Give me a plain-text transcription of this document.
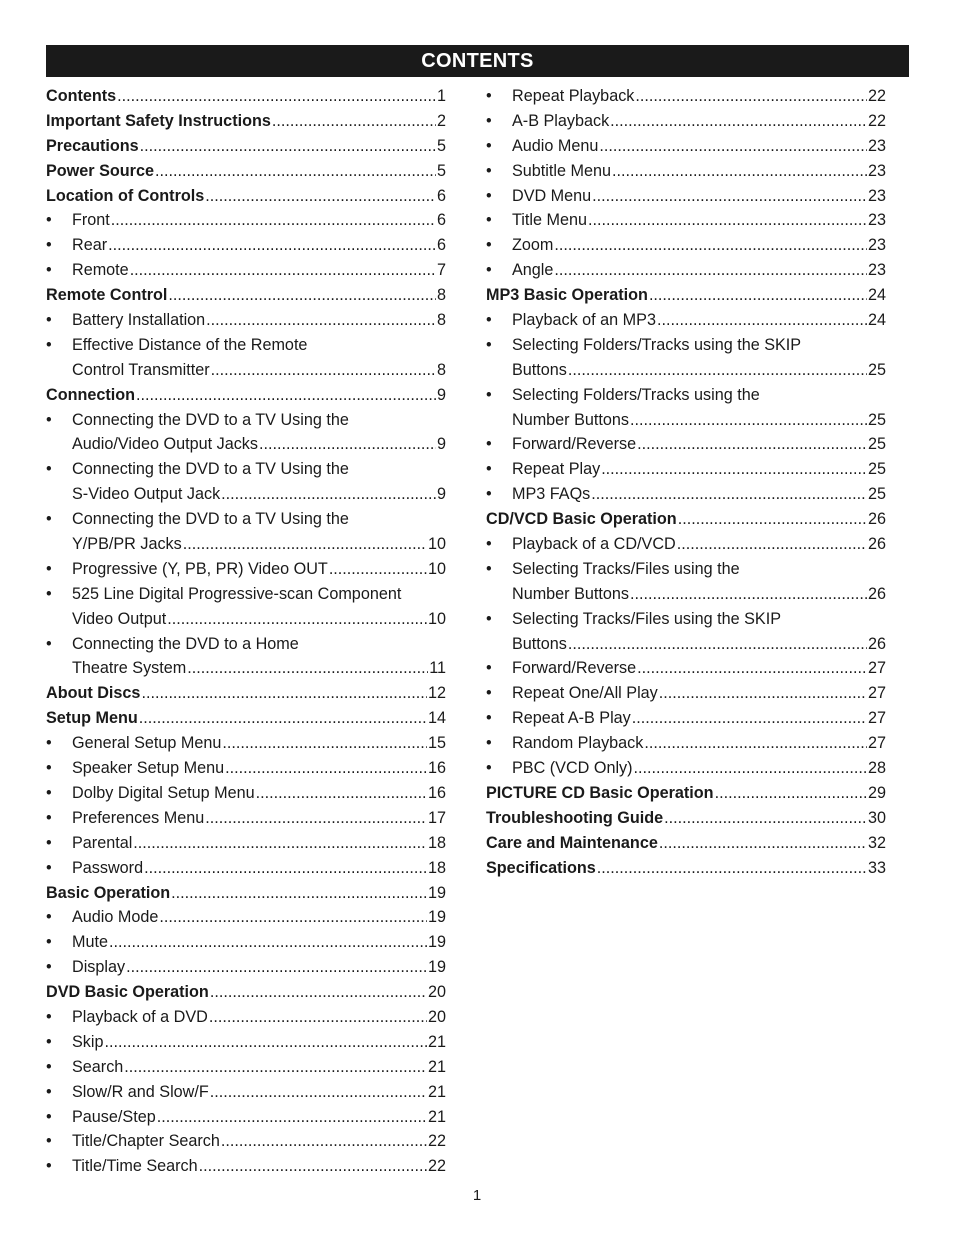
CONTENTS
Contents .....	1
Important Safety Instructions .....	2
Precautions .....	5
Power Source .....	5
Location of Controls .....	6
• Front .....	6
• Rear .....	6
• Remote .....	7
Remote Control .....	8
• Battery Installation .....	8
• Effective Distance of the Remote
Control Transmitter .....	8
Connection .....	9
• Connecting the DVD to a TV Using the
Audio/Video Output Jacks .....	9
• Connecting the DVD to a TV Using the
S-Video Output Jack .....	9
• Connecting the DVD to a TV Using the
Y/PB/PR Jacks .....	10
• Progressive (Y, PB, PR) Video OUT .....	10
• 525 Line Digital Progressive-scan Component
Video Output .....	10
• Connecting the DVD to a Home
Theatre System .....	11
About Discs .....	12
Setup Menu .....	14
• General Setup Menu .....	15
• Speaker Setup Menu .....	16
• Dolby Digital Setup Menu .....	16
• Preferences Menu .....	17
• Parental .....	18
• Password .....	18
Basic Operation .....	19
• Audio Mode .....	19
• Mute .....	19
• Display .....	19
DVD Basic Operation .....	20
• Playback of a DVD .....	20
• Skip .....	21
• Search .....	21
• Slow/R and Slow/F .....	21
• Pause/Step .....	21
• Title/Chapter Search .....	22
• Title/Time Search .....	22
• Repeat Playback .....	22
• A-B Playback .....	22
• Audio Menu .....	23
• Subtitle Menu .....	23
• DVD Menu .....	23
• Title Menu .....	23
• Zoom .....	23
• Angle .....	23
MP3 Basic Operation .....	24
• Playback of an MP3 .....	24
• Selecting Folders/Tracks using the SKIP
Buttons .....	25
• Selecting Folders/Tracks using the
Number Buttons .....	25
• Forward/Reverse .....	25
• Repeat Play .....	25
• MP3 FAQs .....	25
CD/VCD Basic Operation .....	26
• Playback of a CD/VCD .....	26
• Selecting Tracks/Files using the
Number Buttons .....	26
• Selecting Tracks/Files using the SKIP
Buttons .....	26
• Forward/Reverse .....	27
• Repeat One/All Play .....	27
• Repeat A-B Play .....	27
• Random Playback .....	27
• PBC (VCD Only) .....	28
PICTURE CD Basic Operation .....	29
Troubleshooting Guide .....	30
Care and Maintenance .....	32
Specifications .....	33
1
